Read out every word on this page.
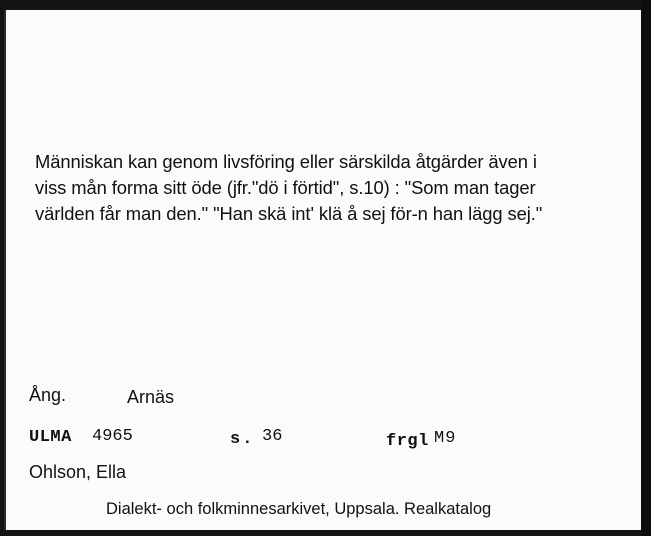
Människan kan genom livsföring eller särskilda åtgärder även i
viss mån forma sitt öde (jfr."dö i förtid", s.10) : "Som man tager
världen får man den." "Han skä int' klä å sej för-n han lägg sej."

Ång.	Arnäs
ULMA 4965	s. 36	frgl M9
Ohlson, Ella
Dialekt- och folkminnesarkivet, Uppsala. Realkatalog
